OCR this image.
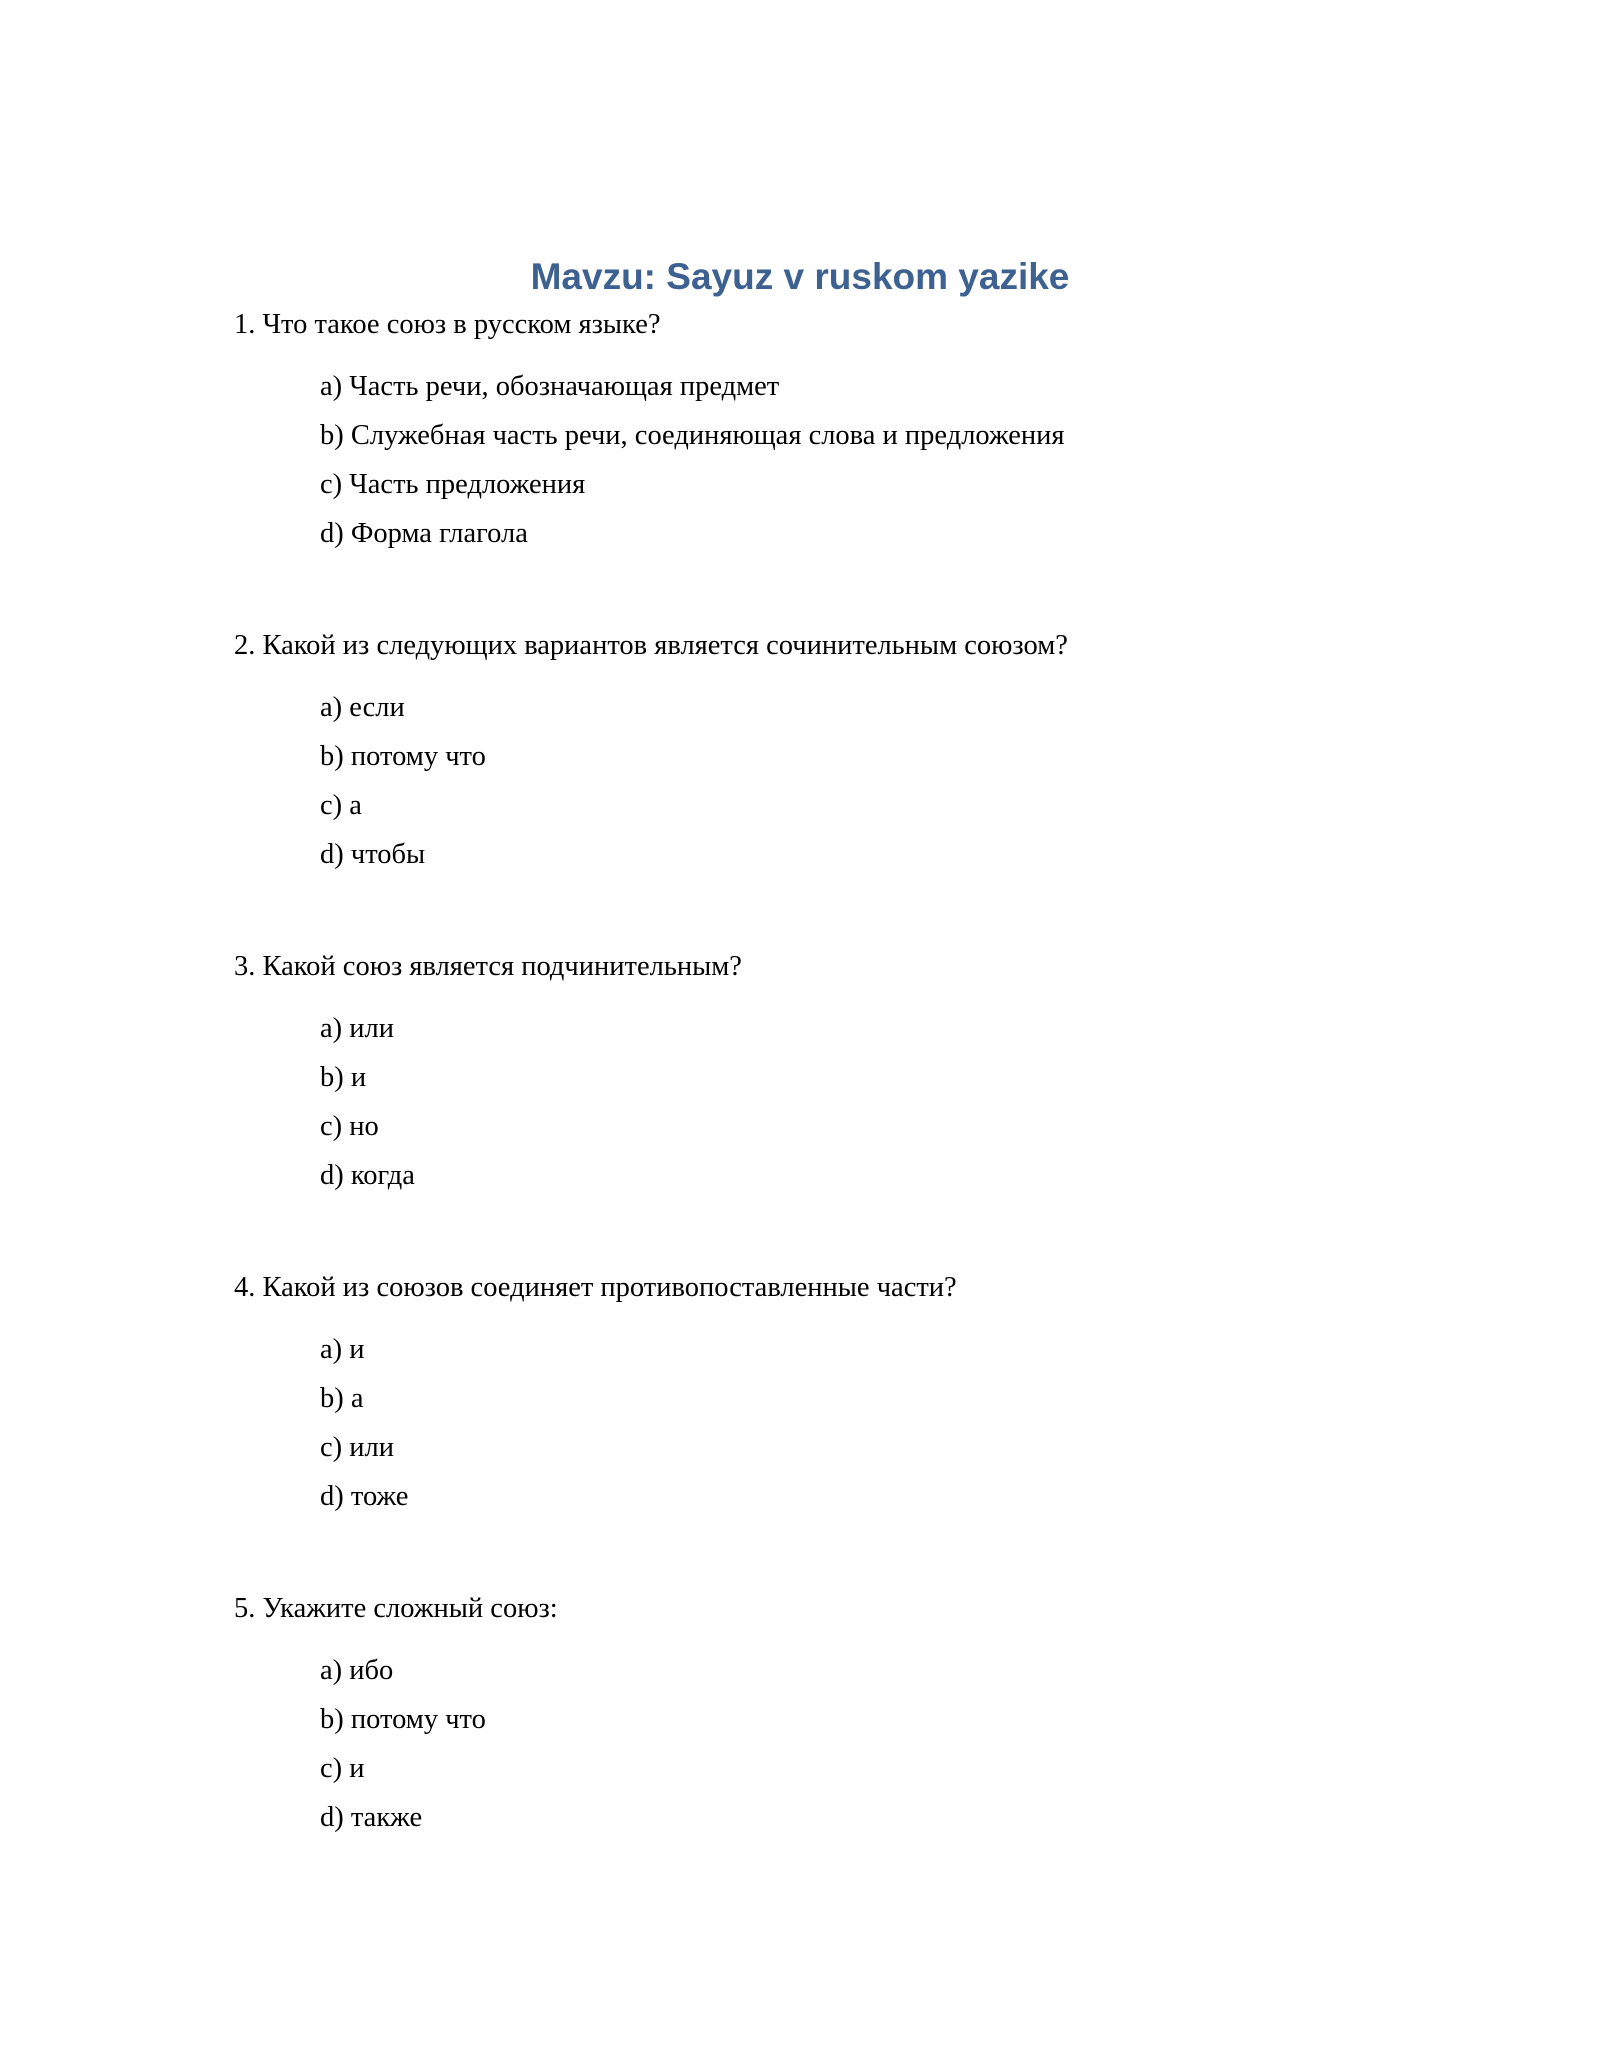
Mavzu: Sayuz v ruskom yazike

1. Что такое союз в русском языке?

a) Часть речи, обозначающая предмет
b) Служебная часть речи, соединяющая слова и предложения
c) Часть предложения
d) Форма глагола

2. Какой из следующих вариантов является сочинительным союзом?

a) если
b) потому что
c) а
d) чтобы

3. Какой союз является подчинительным?

a) или
b) и
c) но
d) когда

4. Какой из союзов соединяет противопоставленные части?

a) и
b) а
c) или
d) тоже

5. Укажите сложный союз:

a) ибо
b) потому что
c) и
d) также
